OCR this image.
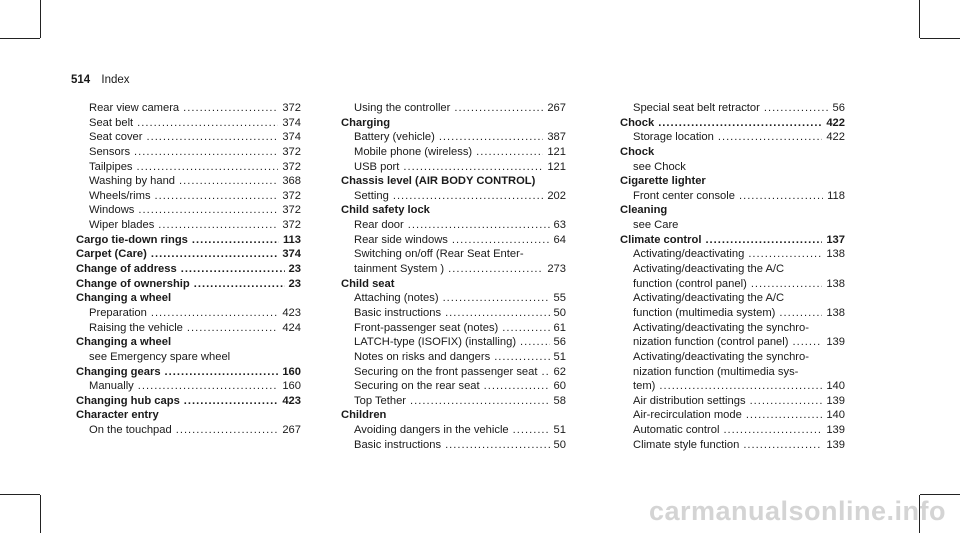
514 Index
Rear view camera .....	372
Seat belt .....	374
Seat cover .....	374
Sensors .....	372
Tailpipes .....	372
Washing by hand .....	368
Wheels/rims .....	372
Windows .....	372
Wiper blades .....	372
Cargo tie-down rings .....	113
Carpet (Care) .....	374
Change of address .....	23
Change of ownership .....	23
Changing a wheel
Preparation .....	423
Raising the vehicle .....	424
Changing a wheel
see Emergency spare wheel
Changing gears .....	160
Manually .....	160
Changing hub caps .....	423
Character entry
On the touchpad .....	267
Using the controller .....	267
Charging
Battery (vehicle) .....	387
Mobile phone (wireless) .....	121
USB port .....	121
Chassis level (AIR BODY CONTROL)
Setting .....	202
Child safety lock
Rear door .....	63
Rear side windows .....	64
Switching on/off (Rear Seat Enter-
tainment System ) .....	273
Child seat
Attaching (notes) .....	55
Basic instructions .....	50
Front-passenger seat (notes) .....	61
LATCH-type (ISOFIX) (installing) .....	56
Notes on risks and dangers .....	51
Securing on the front passenger seat ..... 62
Securing on the rear seat .....	60
Top Tether .....	58
Children
Avoiding dangers in the vehicle .....	51
Basic instructions .....	50
Special seat belt retractor .....	56
Chock .....	422
Storage location .....	422
Chock
see Chock
Cigarette lighter
Front center console .....	118
Cleaning
see Care
Climate control .....	137
Activating/deactivating .....	138
Activating/deactivating the A/C
function (control panel) .....	138
Activating/deactivating the A/C
function (multimedia system) .....	138
Activating/deactivating the synchro-
nization function (control panel) .....	139
Activating/deactivating the synchro-
nization function (multimedia sys-
tem) .....	140
Air distribution settings .....	139
Air-recirculation mode .....	140
Automatic control .....	139
Climate style function .....	139
carmanualsonline.info
